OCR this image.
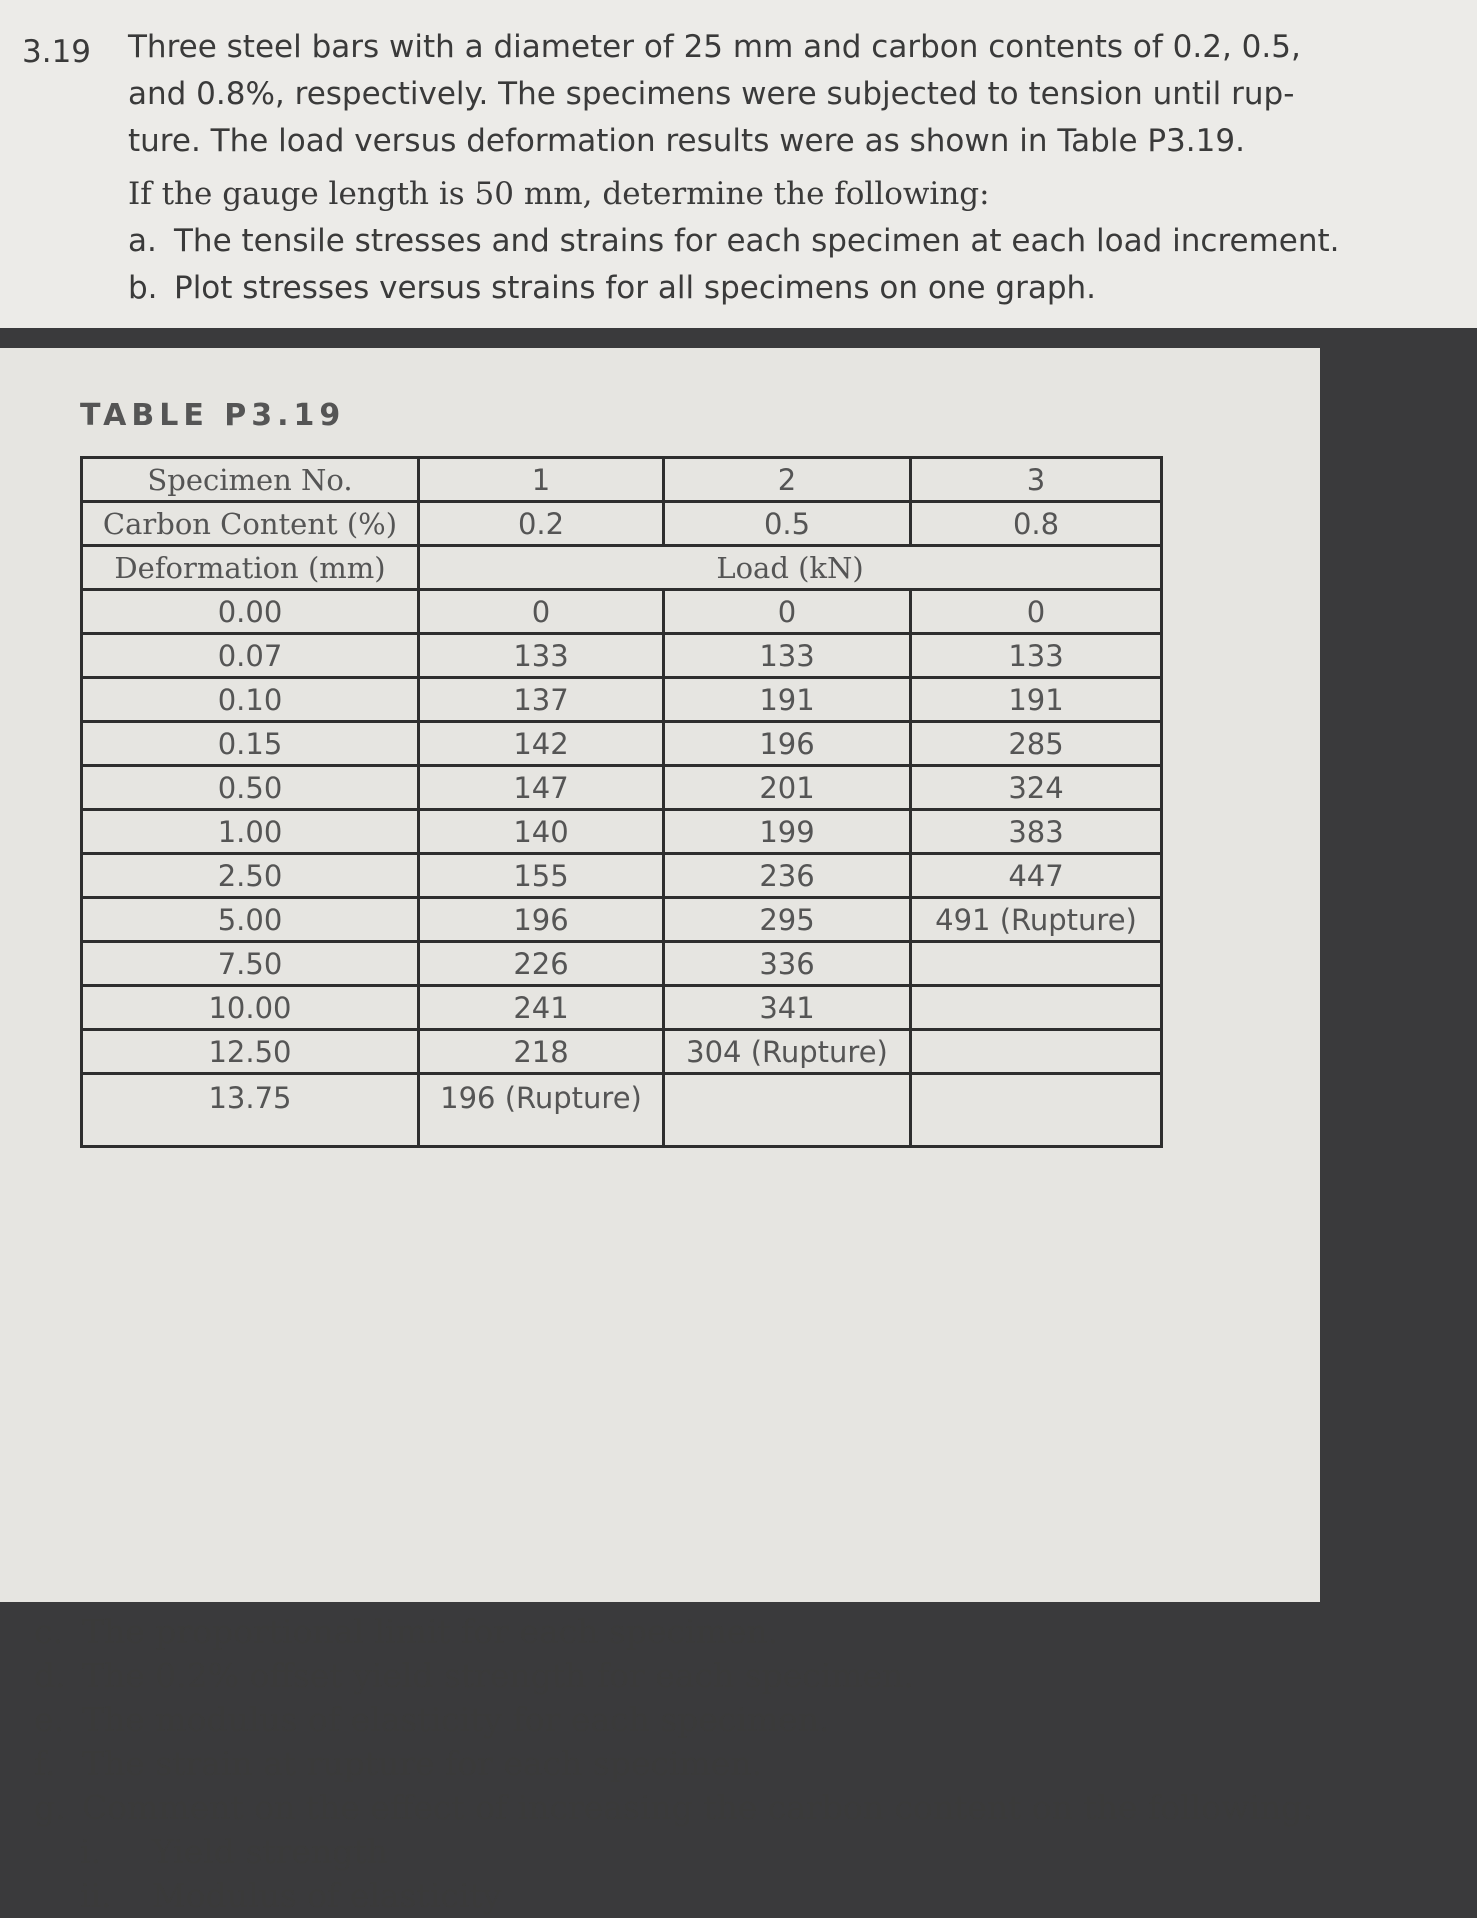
3.19 Three steel bars with a diameter of 25 mm and carbon contents of 0.2, 0.5,

and 0.8%, respectively. The specimens were subjected to tension until rup-

ture. The load versus deformation results were as shown in Table P3.19.

If the gauge length is 50 mm, determine the following:

a. The tensile stresses and strains for each specimen at each load increment.

b. Plot stresses versus strains for all specimens on one graph.

TABLE P3.19
Specimen No.	1	2	3
Carbon Content (%)	0.2	0.5	0.8
Deformation (mm)	Load (kN)		
0.00	0	0	0
0.07	133	133	133
0.10	137	191	191
0.15	142	196	285
0.50	147	201	324
1.00	140	199	383
2.50	155	236	447
5.00	196	295	491 (Rupture)
7.50	226	336	
10.00	241	341	
12.50	218	304 (Rupture)	
13.75	196 (Rupture)		

c. The proportional limit for each specimen.

d. The 0.2% offset yield strength for each specimen.

e. The modulus of elasticity for each specimen.

f. The strain at rupture for each specimen.

g. Comment on the effect of increasing the carbon content on the following:

i. Yield strength

ii. Modulus of elasticity
